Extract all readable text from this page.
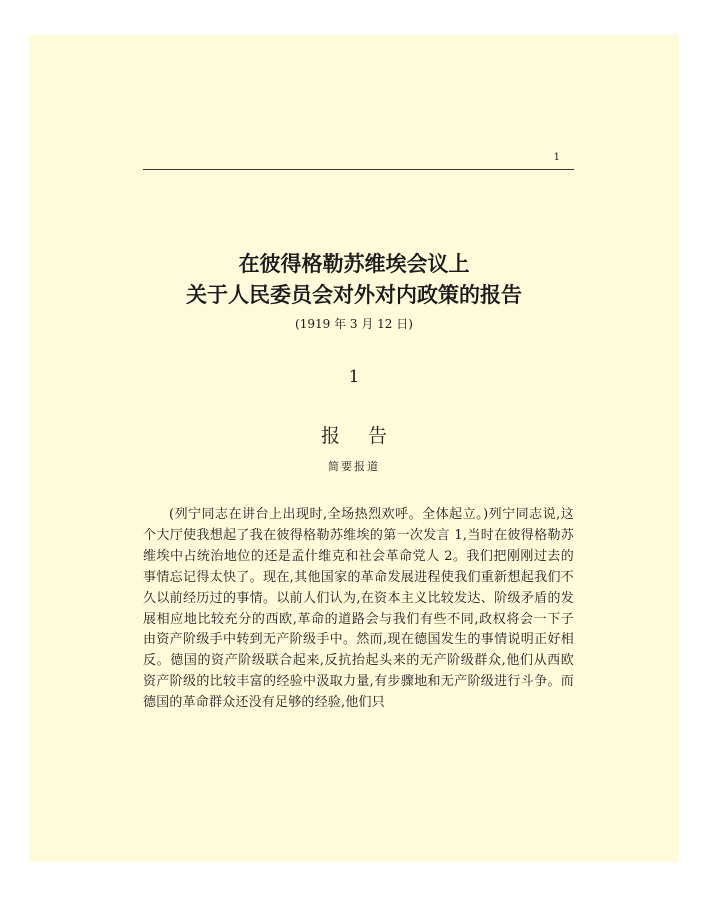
1
在彼得格勒苏维埃会议上
关于人民委员会对外对内政策的报告
(1919 年 3 月 12 日)
1
报告
简要报道

(列宁同志在讲台上出现时,全场热烈欢呼。全体起立。)列宁同志说,这个大厅使我想起了我在彼得格勒苏维埃的第一次发言 1,当时在彼得格勒苏维埃中占统治地位的还是孟什维克和社会革命党人 2。我们把刚刚过去的事情忘记得太快了。现在,其他国家的革命发展进程使我们重新想起我们不久以前经历过的事情。以前人们认为,在资本主义比较发达、阶级矛盾的发展相应地比较充分的西欧,革命的道路会与我们有些不同,政权将会一下子由资产阶级手中转到无产阶级手中。然而,现在德国发生的事情说明正好相反。德国的资产阶级联合起来,反抗抬起头来的无产阶级群众,他们从西欧资产阶级的比较丰富的经验中汲取力量,有步骤地和无产阶级进行斗争。而德国的革命群众还没有足够的经验,他们只
